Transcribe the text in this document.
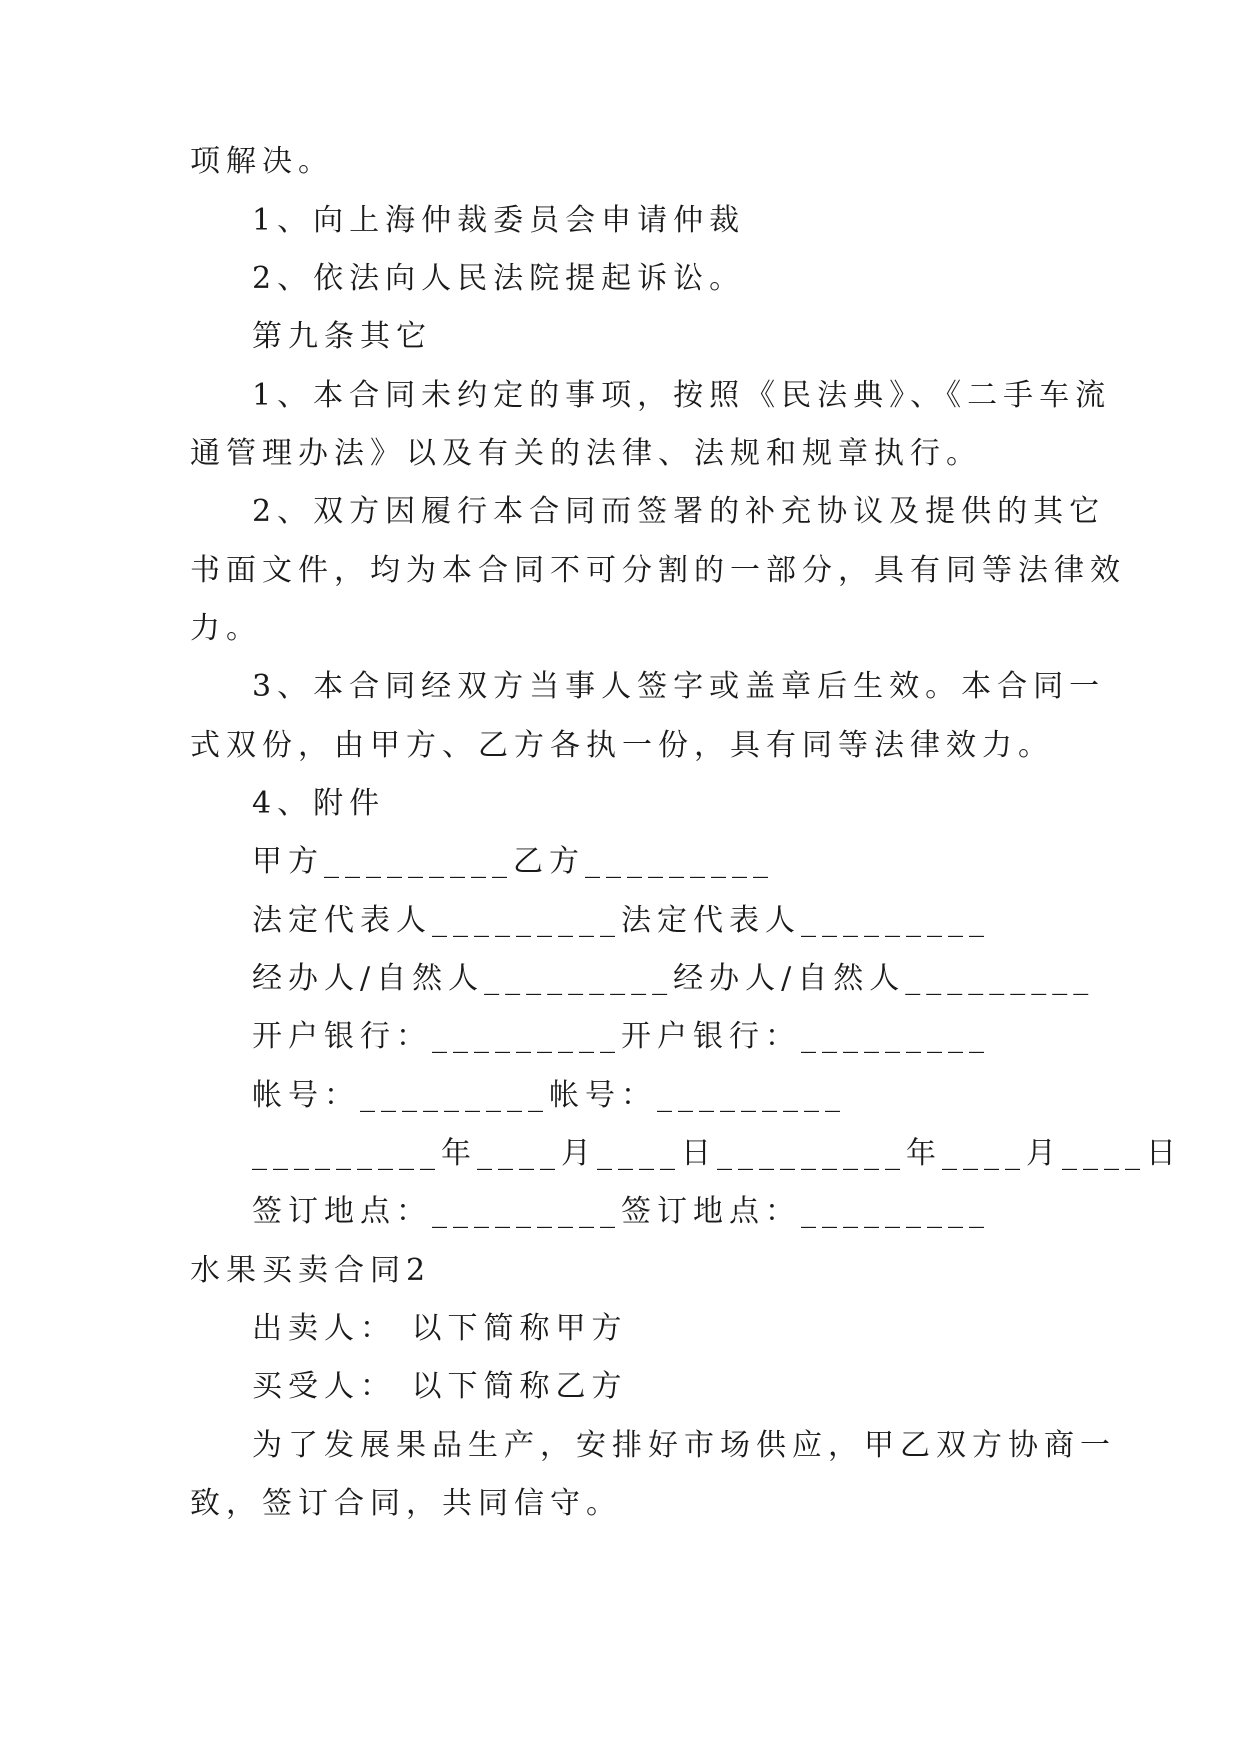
项解决。
1、向上海仲裁委员会申请仲裁
2、依法向人民法院提起诉讼。
第九条其它
1、本合同未约定的事项，按照《民法典》、《二手车流
通管理办法》以及有关的法律、法规和规章执行。
2、双方因履行本合同而签署的补充协议及提供的其它
书面文件，均为本合同不可分割的一部分，具有同等法律效
力。
3、本合同经双方当事人签字或盖章后生效。本合同一
式双份，由甲方、乙方各执一份，具有同等法律效力。
4、附件
甲方_________乙方_________
法定代表人_________法定代表人_________
经办人/自然人_________经办人/自然人_________
开户银行：_________开户银行：_________
帐号：_________帐号：_________
_________年____月____日_________年____月____日
签订地点：_________签订地点：_________
水果买卖合同2
出卖人： 以下简称甲方
买受人： 以下简称乙方
为了发展果品生产，安排好市场供应，甲乙双方协商一
致，签订合同，共同信守。
